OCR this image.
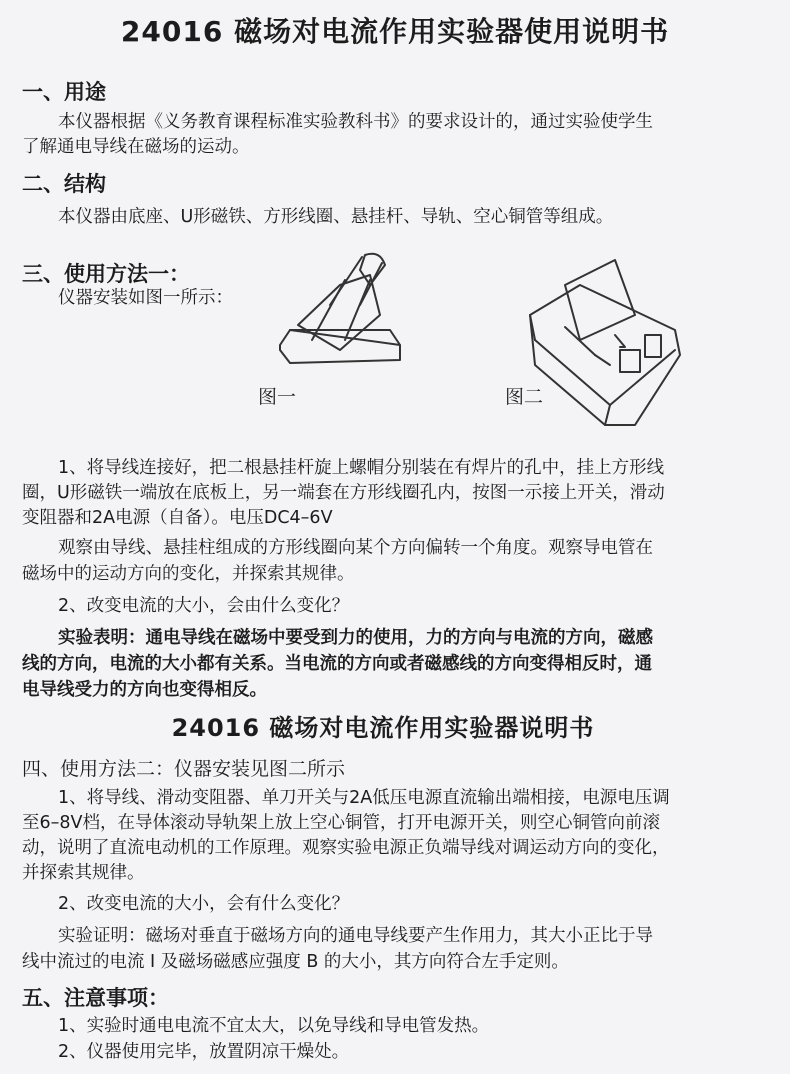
24016 磁场对电流作用实验器使用说明书
一、用途
本仪器根据《义务教育课程标准实验教科书》的要求设计的，通过实验使学生
了解通电导线在磁场的运动。
二、结构
本仪器由底座、U形磁铁、方形线圈、悬挂杆、导轨、空心铜管等组成。
三、使用方法一：
仪器安装如图一所示：
图一	图二
1、将导线连接好，把二根悬挂杆旋上螺帽分别装在有焊片的孔中，挂上方形线
圈，U形磁铁一端放在底板上，另一端套在方形线圈孔内，按图一示接上开关，滑动
变阻器和2A电源（自备）。电压DC4–6V
观察由导线、悬挂柱组成的方形线圈向某个方向偏转一个角度。观察导电管在
磁场中的运动方向的变化，并探索其规律。
2、改变电流的大小，会由什么变化？
实验表明：通电导线在磁场中要受到力的使用，力的方向与电流的方向，磁感
线的方向，电流的大小都有关系。当电流的方向或者磁感线的方向变得相反时，通
电导线受力的方向也变得相反。
24016 磁场对电流作用实验器说明书
四、使用方法二：仪器安装见图二所示
1、将导线、滑动变阻器、单刀开关与2A低压电源直流输出端相接，电源电压调
至6–8V档，在导体滚动导轨架上放上空心铜管，打开电源开关，则空心铜管向前滚
动，说明了直流电动机的工作原理。观察实验电源正负端导线对调运动方向的变化，
并探索其规律。
2、改变电流的大小，会有什么变化？
实验证明：磁场对垂直于磁场方向的通电导线要产生作用力，其大小正比于导
线中流过的电流 I 及磁场磁感应强度 B 的大小，其方向符合左手定则。
五、注意事项：
1、实验时通电电流不宜太大，以免导线和导电管发热。
2、仪器使用完毕，放置阴凉干燥处。
